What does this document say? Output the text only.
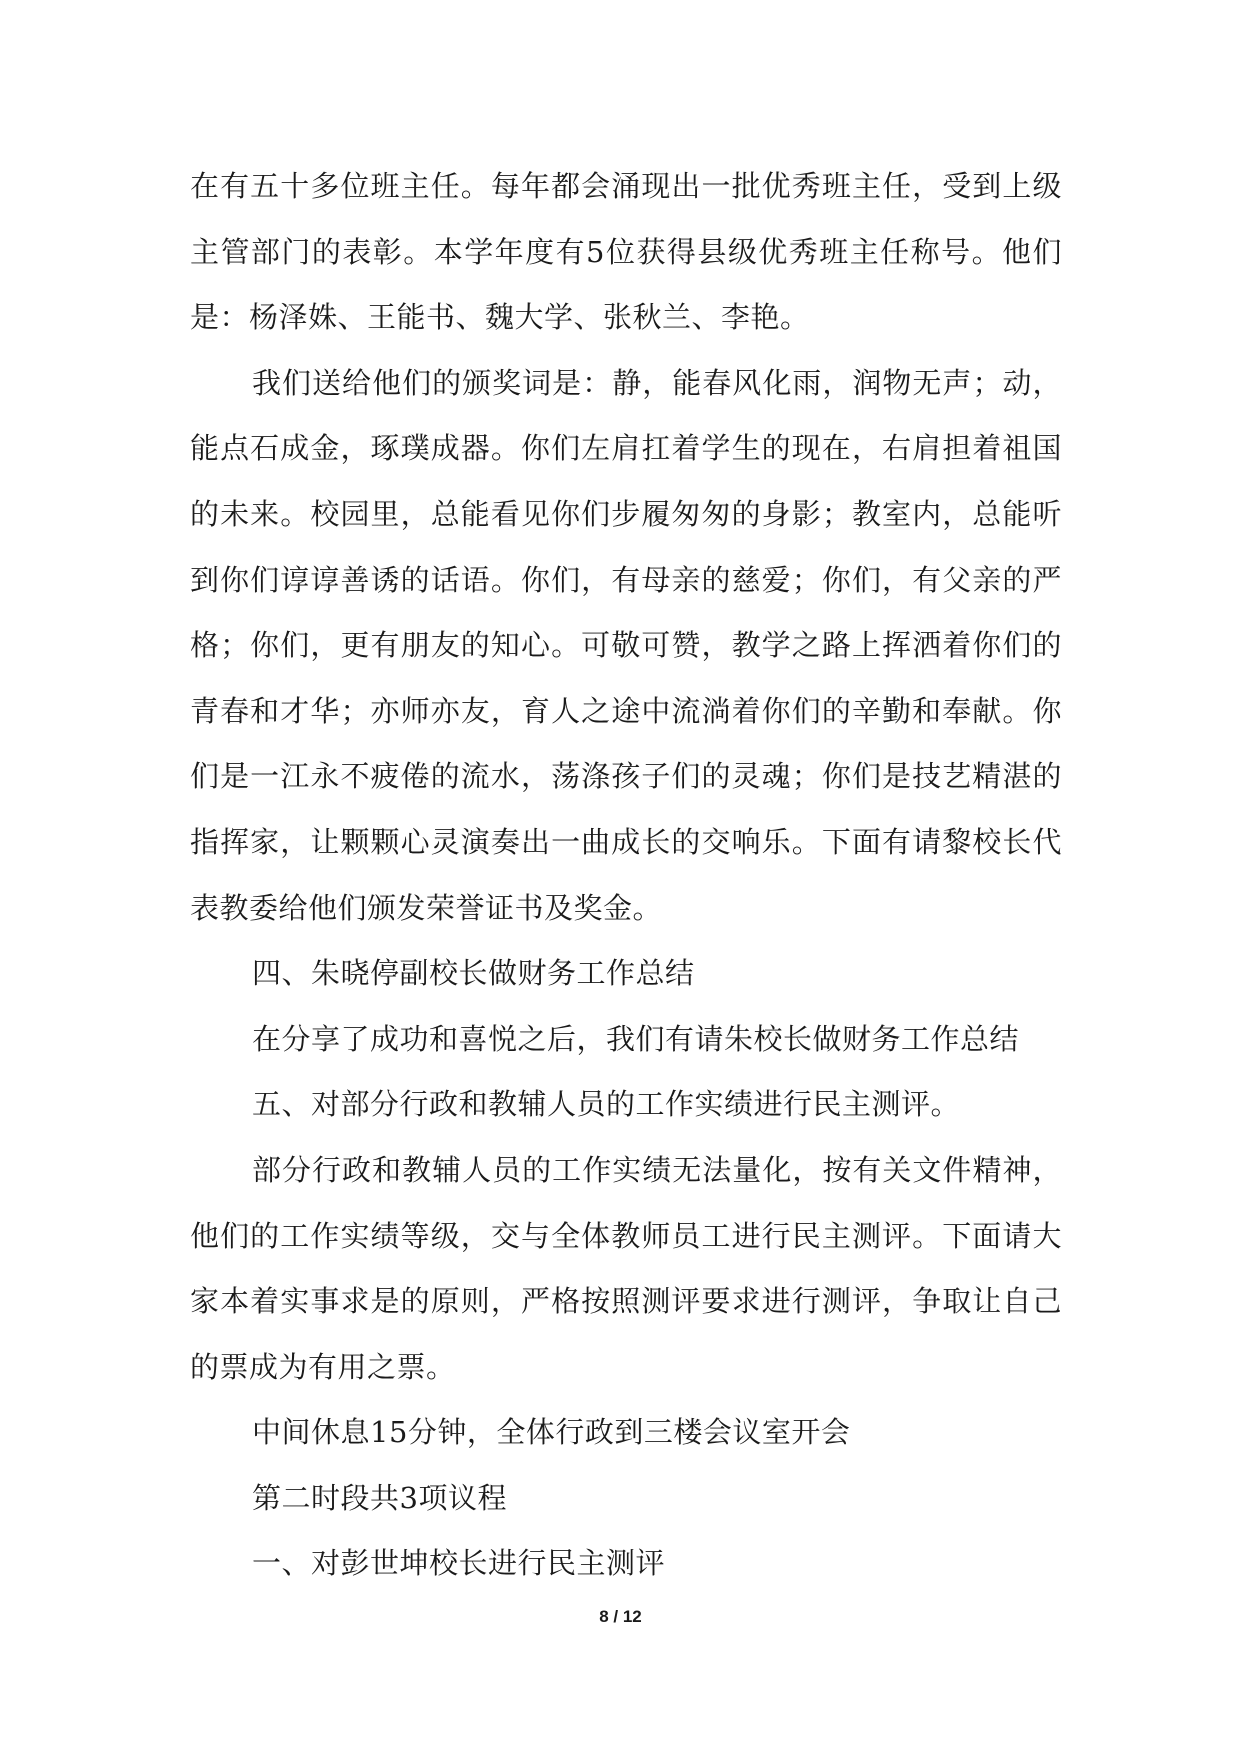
在有五十多位班主任。每年都会涌现出一批优秀班主任，受到上级主管部门的表彰。本学年度有5位获得县级优秀班主任称号。他们是：杨泽姝、王能书、魏大学、张秋兰、李艳。

我们送给他们的颁奖词是：静，能春风化雨，润物无声；动，能点石成金，琢璞成器。你们左肩扛着学生的现在，右肩担着祖国的未来。校园里，总能看见你们步履匆匆的身影；教室内，总能听到你们谆谆善诱的话语。你们，有母亲的慈爱；你们，有父亲的严格；你们，更有朋友的知心。可敬可赞，教学之路上挥洒着你们的青春和才华；亦师亦友，育人之途中流淌着你们的辛勤和奉献。你们是一江永不疲倦的流水，荡涤孩子们的灵魂；你们是技艺精湛的指挥家，让颗颗心灵演奏出一曲成长的交响乐。下面有请黎校长代表教委给他们颁发荣誉证书及奖金。

四、朱晓停副校长做财务工作总结

在分享了成功和喜悦之后，我们有请朱校长做财务工作总结

五、对部分行政和教辅人员的工作实绩进行民主测评。

部分行政和教辅人员的工作实绩无法量化，按有关文件精神，他们的工作实绩等级，交与全体教师员工进行民主测评。下面请大家本着实事求是的原则，严格按照测评要求进行测评，争取让自己的票成为有用之票。

中间休息15分钟，全体行政到三楼会议室开会

第二时段共3项议程

一、对彭世坤校长进行民主测评

8 / 12
